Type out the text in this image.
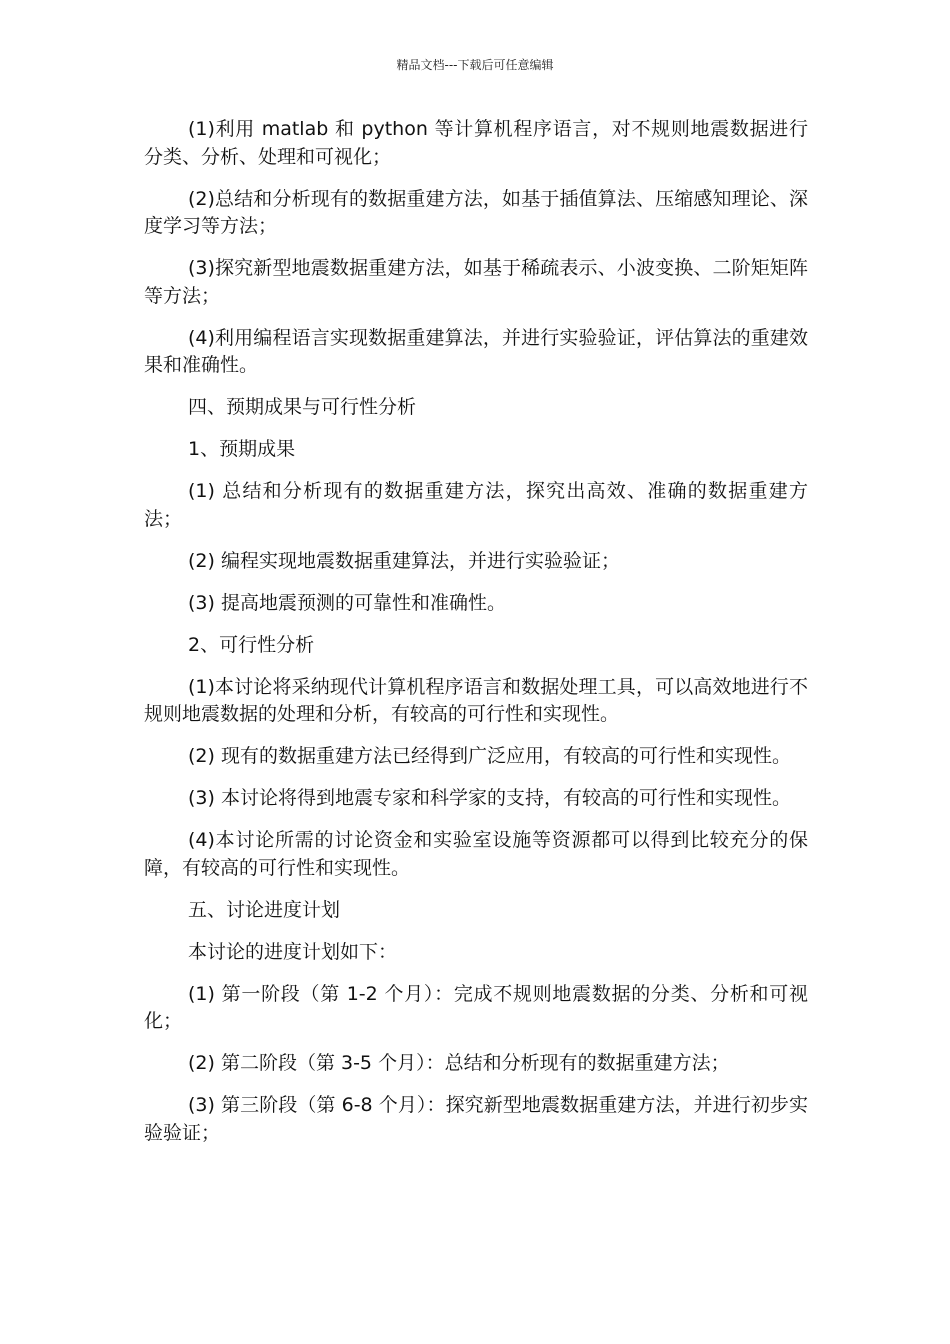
精品文档---下载后可任意编辑

(1)利用 matlab 和 python 等计算机程序语言，对不规则地震数据进行分类、分析、处理和可视化；

(2)总结和分析现有的数据重建方法，如基于插值算法、压缩感知理论、深度学习等方法；

(3)探究新型地震数据重建方法，如基于稀疏表示、小波变换、二阶矩矩阵等方法；

(4)利用编程语言实现数据重建算法，并进行实验验证，评估算法的重建效果和准确性。

四、预期成果与可行性分析

1、预期成果

(1) 总结和分析现有的数据重建方法，探究出高效、准确的数据重建方法；

(2) 编程实现地震数据重建算法，并进行实验验证；

(3) 提高地震预测的可靠性和准确性。

2、可行性分析

(1)本讨论将采纳现代计算机程序语言和数据处理工具，可以高效地进行不规则地震数据的处理和分析，有较高的可行性和实现性。

(2) 现有的数据重建方法已经得到广泛应用，有较高的可行性和实现性。

(3) 本讨论将得到地震专家和科学家的支持，有较高的可行性和实现性。

(4)本讨论所需的讨论资金和实验室设施等资源都可以得到比较充分的保障，有较高的可行性和实现性。

五、讨论进度计划

本讨论的进度计划如下：

(1) 第一阶段（第 1-2 个月）：完成不规则地震数据的分类、分析和可视化；

(2) 第二阶段（第 3-5 个月）：总结和分析现有的数据重建方法；

(3) 第三阶段（第 6-8 个月）：探究新型地震数据重建方法，并进行初步实验验证；
